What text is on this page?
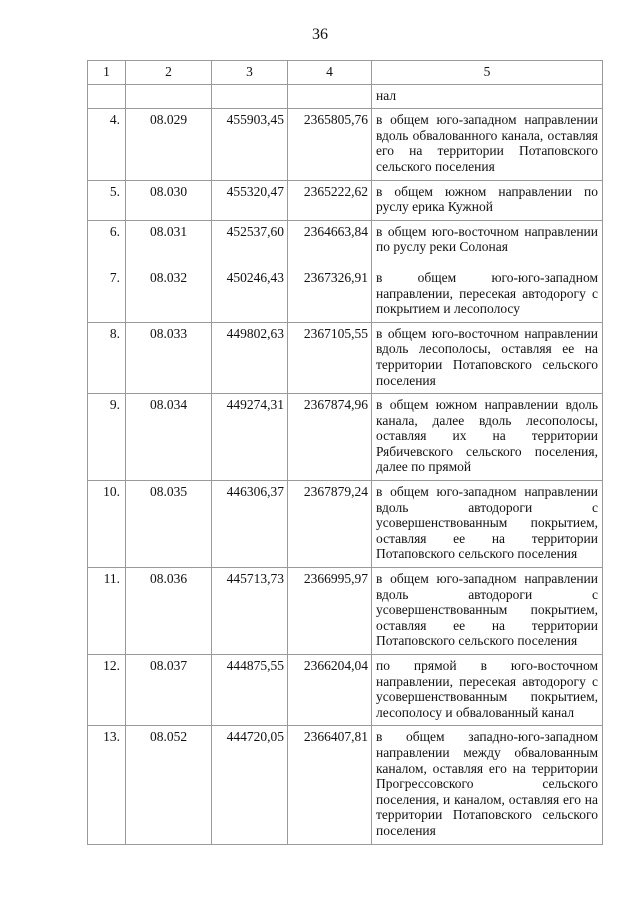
36
1	2	3	4	5
				нал
4.	08.029	455903,45	2365805,76	в общем юго-западном направлении вдоль обвалованного канала, оставляя его на территории Потаповского сельского поселения
5.	08.030	455320,47	2365222,62	в общем южном направлении по руслу ерика Кужной
6.	08.031	452537,60	2364663,84	в общем юго-восточном направлении по руслу реки Солоная
7.	08.032	450246,43	2367326,91	в общем юго-юго-западном направлении, пересекая автодорогу с покрытием и лесополосу
8.	08.033	449802,63	2367105,55	в общем юго-восточном направлении вдоль лесополосы, оставляя ее на территории Потаповского сельского поселения
9.	08.034	449274,31	2367874,96	в общем южном направлении вдоль канала, далее вдоль лесополосы, оставляя их на территории Рябичевского сельского поселения, далее по прямой
10.	08.035	446306,37	2367879,24	в общем юго-западном направлении вдоль автодороги с усовершенствованным покрытием, оставляя ее на территории Потаповского сельского поселения
11.	08.036	445713,73	2366995,97	в общем юго-западном направлении вдоль автодороги с усовершенствованным покрытием, оставляя ее на территории Потаповского сельского поселения
12.	08.037	444875,55	2366204,04	по прямой в юго-восточном направлении, пересекая автодорогу с усовершенствованным покрытием, лесополосу и обвалованный канал
13.	08.052	444720,05	2366407,81	в общем западно-юго-западном направлении между обвалованным каналом, оставляя его на территории Прогрессовского сельского поселения, и каналом, оставляя его на территории Потаповского сельского поселения
